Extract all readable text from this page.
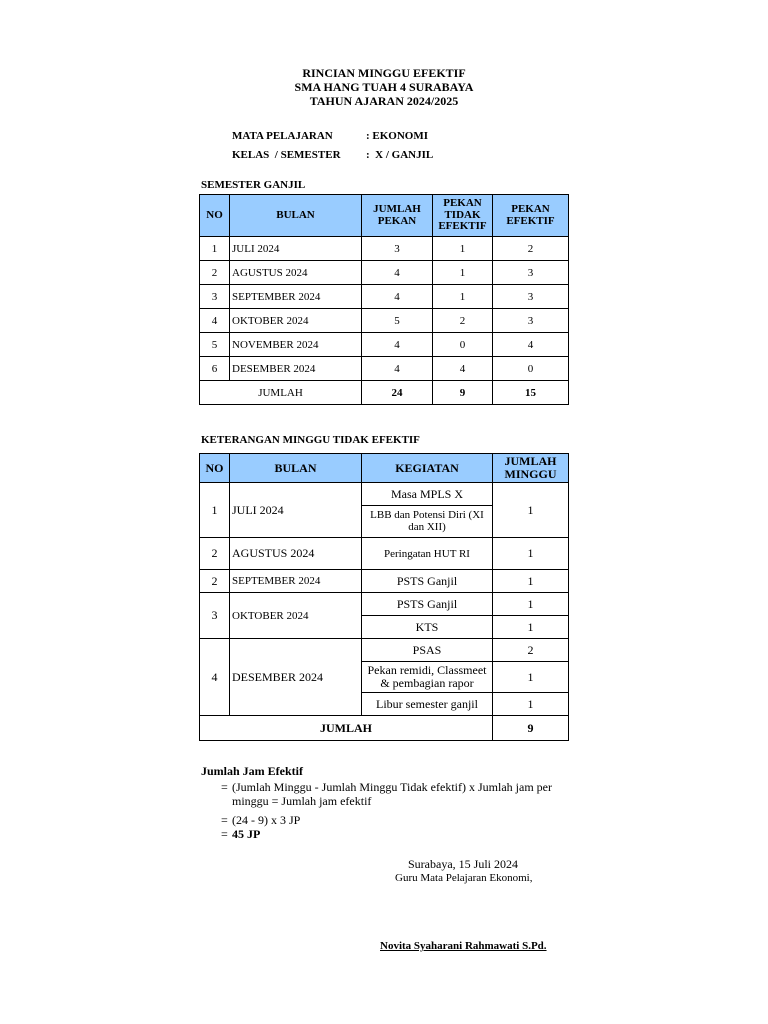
RINCIAN MINGGU EFEKTIF
SMA HANG TUAH 4 SURABAYA
TAHUN AJARAN 2024/2025
MATA PELAJARAN	: EKONOMI
KELAS  / SEMESTER :  X / GANJIL
SEMESTER GANJIL
NO	BULAN	JUMLAH PEKAN	PEKAN TIDAK EFEKTIF	PEKAN EFEKTIF
1	JULI 2024	3	1	2
2	AGUSTUS 2024	4	1	3
3	SEPTEMBER 2024	4	1	3
4	OKTOBER 2024	5	2	3
5	NOVEMBER 2024	4	0	4
6	DESEMBER 2024	4	4	0
JUMLAH		24	9	15
KETERANGAN MINGGU TIDAK EFEKTIF
NO	BULAN	KEGIATAN	JUMLAH MINGGU
1	JULI 2024	Masa MPLS X	1
		LBB dan Potensi Diri (XI dan XII)	
2	AGUSTUS 2024	Peringatan HUT RI	1
2	SEPTEMBER 2024	PSTS Ganjil	1
3	OKTOBER 2024	PSTS Ganjil	1
		KTS	1
4	DESEMBER 2024	PSAS	2
		Pekan remidi, Classmeet & pembagian rapor	1
		Libur semester ganjil	1
JUMLAH			9
Jumlah Jam Efektif
= (Jumlah Minggu - Jumlah Minggu Tidak efektif) x Jumlah jam per minggu = Jumlah jam efektif
= (24 - 9) x 3 JP
= 45 JP
Surabaya, 15 Juli 2024
Guru Mata Pelajaran Ekonomi,
Novita Syaharani Rahmawati S.Pd.
